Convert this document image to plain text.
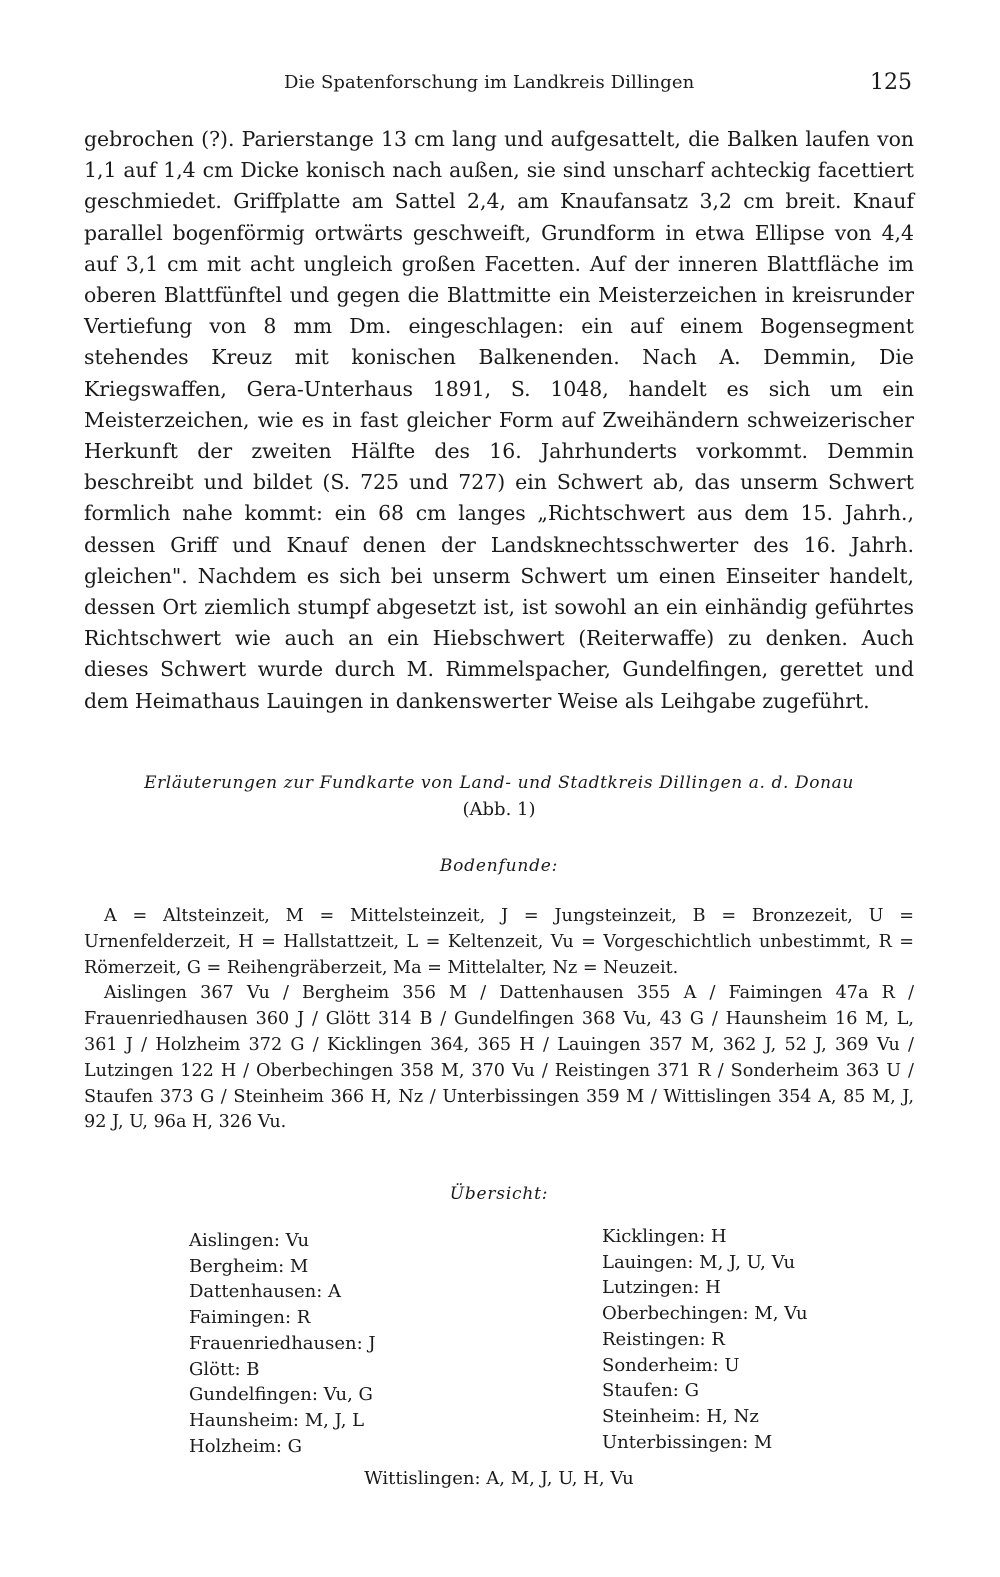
Die Spatenforschung im Landkreis Dillingen	125

gebrochen (?). Parierstange 13 cm lang und aufgesattelt, die Balken laufen von 1,1 auf 1,4 cm Dicke konisch nach außen, sie sind unscharf achteckig facettiert geschmiedet. Griffplatte am Sattel 2,4, am Knaufansatz 3,2 cm breit. Knauf parallel bogenförmig ortwärts geschweift, Grundform in etwa Ellipse von 4,4 auf 3,1 cm mit acht ungleich großen Facetten. Auf der inneren Blattfläche im oberen Blattfünftel und gegen die Blattmitte ein Meisterzeichen in kreisrunder Vertiefung von 8 mm Dm. eingeschlagen: ein auf einem Bogensegment stehendes Kreuz mit konischen Balkenenden. Nach A. Demmin, Die Kriegswaffen, Gera-Unterhaus 1891, S. 1048, handelt es sich um ein Meisterzeichen, wie es in fast gleicher Form auf Zweihändern schweizerischer Herkunft der zweiten Hälfte des 16. Jahrhunderts vorkommt. Demmin beschreibt und bildet (S. 725 und 727) ein Schwert ab, das unserm Schwert formlich nahe kommt: ein 68 cm langes „Richtschwert aus dem 15. Jahrh., dessen Griff und Knauf denen der Landsknechtsschwerter des 16. Jahrh. gleichen". Nachdem es sich bei unserm Schwert um einen Einseiter handelt, dessen Ort ziemlich stumpf abgesetzt ist, ist sowohl an ein einhändig geführtes Richtschwert wie auch an ein Hiebschwert (Reiterwaffe) zu denken. Auch dieses Schwert wurde durch M. Rimmelspacher, Gundelfingen, gerettet und dem Heimathaus Lauingen in dankenswerter Weise als Leihgabe zugeführt.

Erläuterungen zur Fundkarte von Land- und Stadtkreis Dillingen a. d. Donau
(Abb. 1)
Bodenfunde:

A = Altsteinzeit, M = Mittelsteinzeit, J = Jungsteinzeit, B = Bronzezeit, U = Urnenfelderzeit, H = Hallstattzeit, L = Keltenzeit, Vu = Vorgeschichtlich unbestimmt, R = Römerzeit, G = Reihengräberzeit, Ma = Mittelalter, Nz = Neuzeit.

Aislingen 367 Vu / Bergheim 356 M / Dattenhausen 355 A / Faimingen 47a R / Frauenriedhausen 360 J / Glött 314 B / Gundelfingen 368 Vu, 43 G / Haunsheim 16 M, L, 361 J / Holzheim 372 G / Kicklingen 364, 365 H / Lauingen 357 M, 362 J, 52 J, 369 Vu / Lutzingen 122 H / Oberbechingen 358 M, 370 Vu / Reistingen 371 R / Sonderheim 363 U / Staufen 373 G / Steinheim 366 H, Nz / Unterbissingen 359 M / Wittislingen 354 A, 85 M, J, 92 J, U, 96a H, 326 Vu.

Übersicht:
Aislingen: Vu
Bergheim: M
Dattenhausen: A
Faimingen: R
Frauenriedhausen: J
Glött: B
Gundelfingen: Vu, G
Haunsheim: M, J, L
Holzheim: G
Kicklingen: H
Lauingen: M, J, U, Vu
Lutzingen: H
Oberbechingen: M, Vu
Reistingen: R
Sonderheim: U
Staufen: G
Steinheim: H, Nz
Unterbissingen: M
Wittislingen: A, M, J, U, H, Vu
